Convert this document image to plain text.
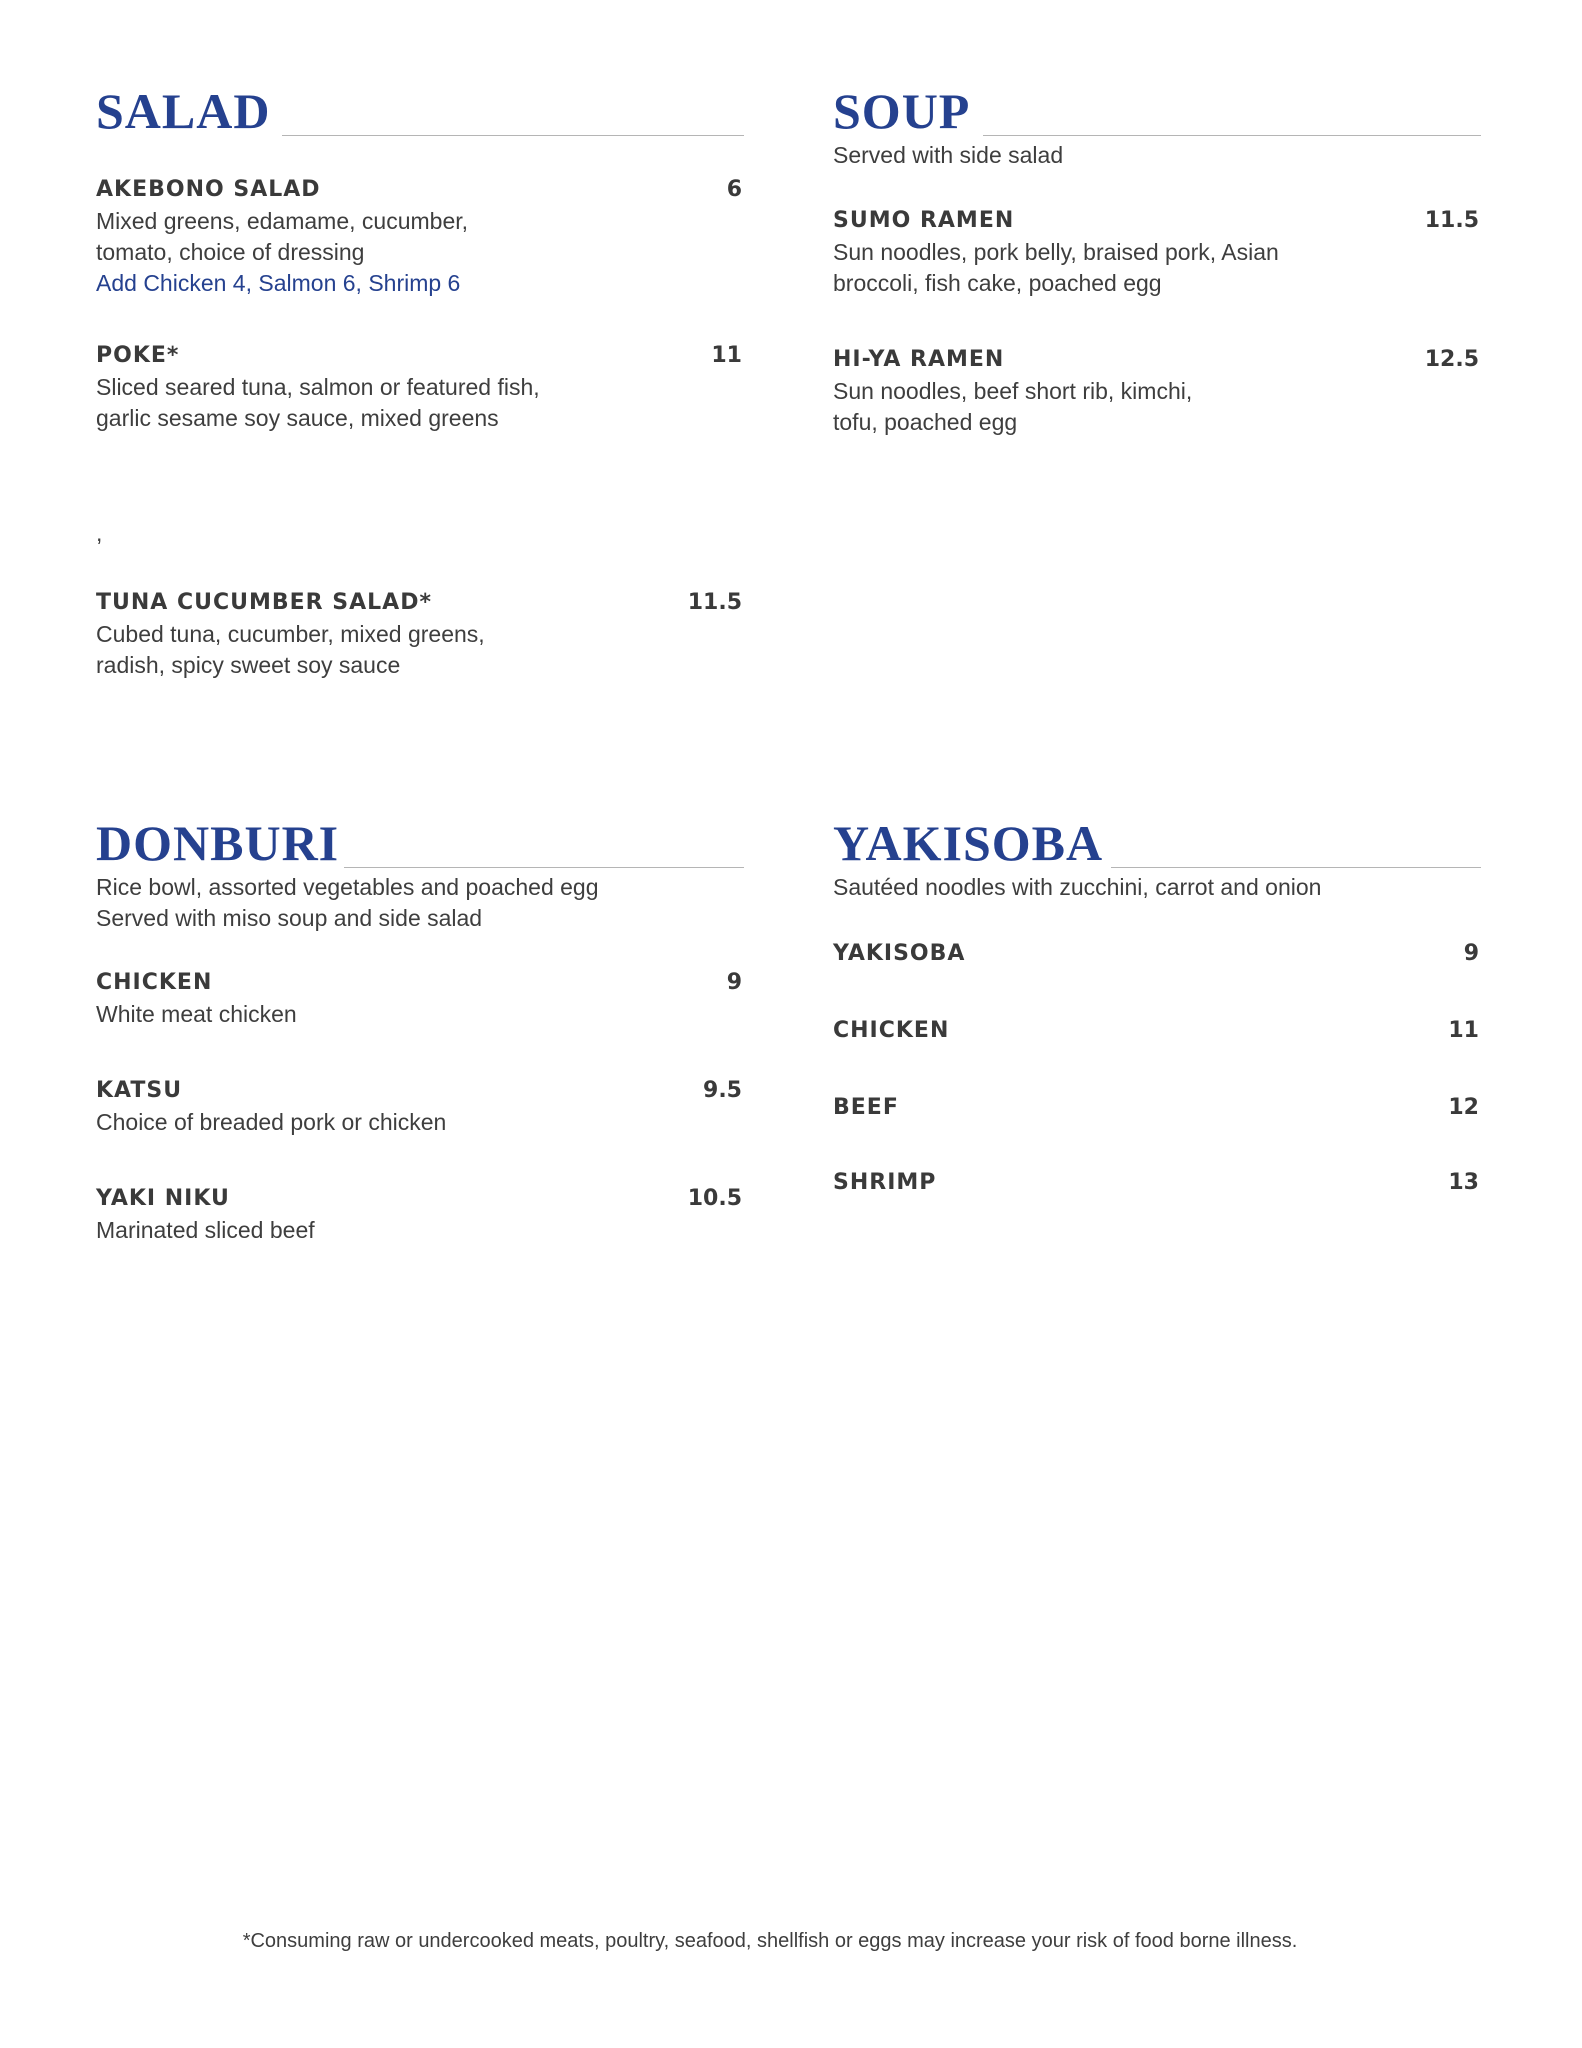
SALAD
AKEBONO SALAD	6
Mixed greens, edamame, cucumber,
tomato, choice of dressing
Add Chicken 4, Salmon 6, Shrimp 6
POKE*	11
Sliced seared tuna, salmon or featured fish,
garlic sesame soy sauce, mixed greens
TUNA CUCUMBER SALAD*	11.5
Cubed tuna, cucumber, mixed greens,
radish, spicy sweet soy sauce
,
SOUP
Served with side salad
SUMO RAMEN	11.5
Sun noodles, pork belly, braised pork, Asian
broccoli, fish cake, poached egg
HI-YA RAMEN	12.5
Sun noodles, beef short rib, kimchi,
tofu, poached egg
DONBURI
Rice bowl, assorted vegetables and poached egg
Served with miso soup and side salad
CHICKEN	9
White meat chicken
KATSU	9.5
Choice of breaded pork or chicken
YAKI NIKU	10.5
Marinated sliced beef
YAKISOBA
Sautéed noodles with zucchini, carrot and onion
YAKISOBA	9
CHICKEN	11
BEEF	12
SHRIMP	13
*Consuming raw or undercooked meats, poultry, seafood, shellfish or eggs may increase your risk of food borne illness.
